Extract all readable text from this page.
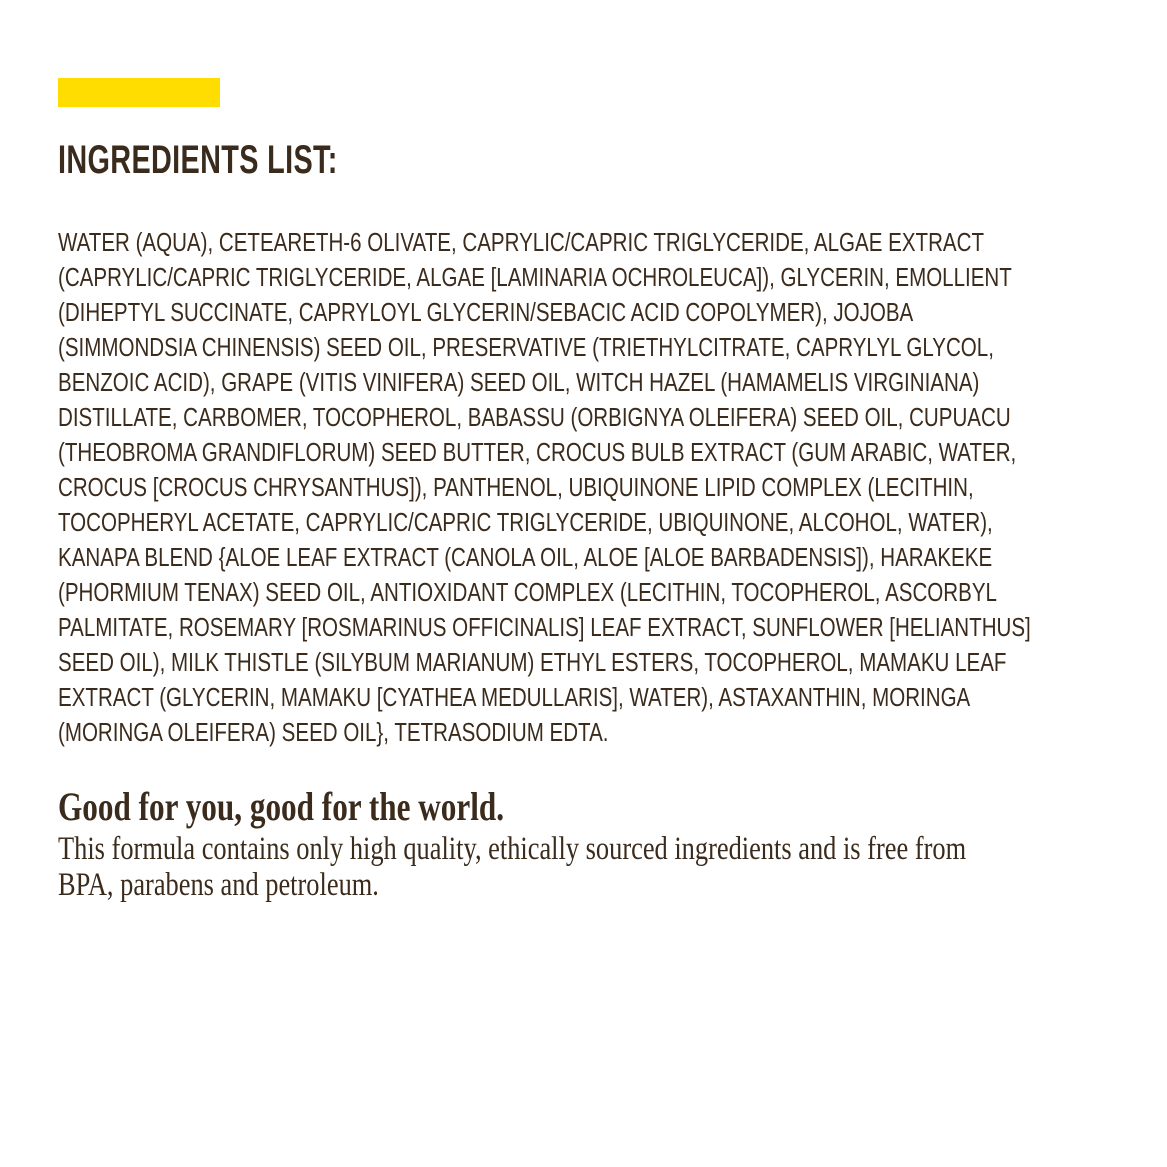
INGREDIENTS LIST:
WATER (AQUA), CETEARETH-6 OLIVATE, CAPRYLIC/CAPRIC TRIGLYCERIDE, ALGAE EXTRACT
(CAPRYLIC/CAPRIC TRIGLYCERIDE, ALGAE [LAMINARIA OCHROLEUCA]), GLYCERIN, EMOLLIENT
(DIHEPTYL SUCCINATE, CAPRYLOYL GLYCERIN/SEBACIC ACID COPOLYMER), JOJOBA
(SIMMONDSIA CHINENSIS) SEED OIL, PRESERVATIVE (TRIETHYLCITRATE, CAPRYLYL GLYCOL,
BENZOIC ACID), GRAPE (VITIS VINIFERA) SEED OIL, WITCH HAZEL (HAMAMELIS VIRGINIANA)
DISTILLATE, CARBOMER, TOCOPHEROL, BABASSU (ORBIGNYA OLEIFERA) SEED OIL, CUPUACU
(THEOBROMA GRANDIFLORUM) SEED BUTTER, CROCUS BULB EXTRACT (GUM ARABIC, WATER,
CROCUS [CROCUS CHRYSANTHUS]), PANTHENOL, UBIQUINONE LIPID COMPLEX (LECITHIN,
TOCOPHERYL ACETATE, CAPRYLIC/CAPRIC TRIGLYCERIDE, UBIQUINONE, ALCOHOL, WATER),
KANAPA BLEND {ALOE LEAF EXTRACT (CANOLA OIL, ALOE [ALOE BARBADENSIS]), HARAKEKE
(PHORMIUM TENAX) SEED OIL, ANTIOXIDANT COMPLEX (LECITHIN, TOCOPHEROL, ASCORBYL
PALMITATE, ROSEMARY [ROSMARINUS OFFICINALIS] LEAF EXTRACT, SUNFLOWER [HELIANTHUS]
SEED OIL), MILK THISTLE (SILYBUM MARIANUM) ETHYL ESTERS, TOCOPHEROL, MAMAKU LEAF
EXTRACT (GLYCERIN, MAMAKU [CYATHEA MEDULLARIS], WATER), ASTAXANTHIN, MORINGA
(MORINGA OLEIFERA) SEED OIL}, TETRASODIUM EDTA.
Good for you, good for the world.
This formula contains only high quality, ethically sourced ingredients and is free from
BPA, parabens and petroleum.
